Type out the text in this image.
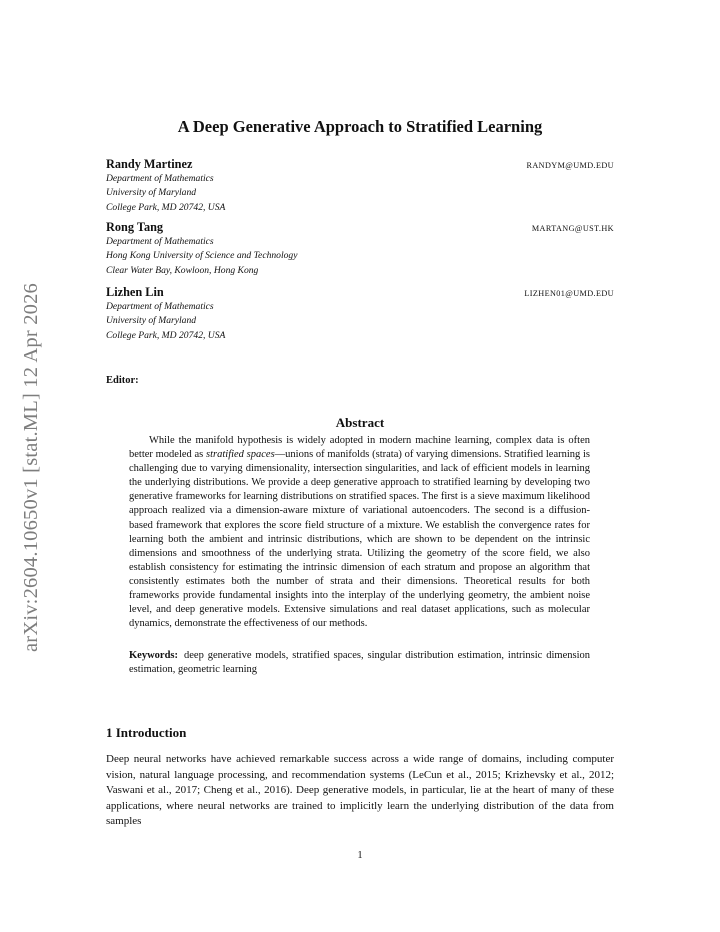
arXiv:2604.10650v1 [stat.ML] 12 Apr 2026
A Deep Generative Approach to Stratified Learning
Randy Martinez	RANDYM@UMD.EDU
Department of Mathematics
University of Maryland
College Park, MD 20742, USA
Rong Tang	MARTANG@UST.HK
Department of Mathematics
Hong Kong University of Science and Technology
Clear Water Bay, Kowloon, Hong Kong
Lizhen Lin	LIZHEN01@UMD.EDU
Department of Mathematics
University of Maryland
College Park, MD 20742, USA
Editor:
Abstract

While the manifold hypothesis is widely adopted in modern machine learning, complex data is often better modeled as stratified spaces—unions of manifolds (strata) of varying dimensions. Stratified learning is challenging due to varying dimensionality, intersection singularities, and lack of efficient models in learning the underlying distributions. We provide a deep generative approach to stratified learning by developing two generative frameworks for learning distributions on stratified spaces. The first is a sieve maximum likelihood approach realized via a dimension-aware mixture of variational autoencoders. The second is a diffusion-based framework that explores the score field structure of a mixture. We establish the convergence rates for learning both the ambient and intrinsic distributions, which are shown to be dependent on the intrinsic dimensions and smoothness of the underlying strata. Utilizing the geometry of the score field, we also establish consistency for estimating the intrinsic dimension of each stratum and propose an algorithm that consistently estimates both the number of strata and their dimensions. Theoretical results for both frameworks provide fundamental insights into the interplay of the underlying geometry, the ambient noise level, and deep generative models. Extensive simulations and real dataset applications, such as molecular dynamics, demonstrate the effectiveness of our methods.

Keywords: deep generative models, stratified spaces, singular distribution estimation, intrinsic dimension estimation, geometric learning

1 Introduction

Deep neural networks have achieved remarkable success across a wide range of domains, including computer vision, natural language processing, and recommendation systems (LeCun et al., 2015; Krizhevsky et al., 2012; Vaswani et al., 2017; Cheng et al., 2016). Deep generative models, in particular, lie at the heart of many of these applications, where neural networks are trained to implicitly learn the underlying distribution of the data from samples

1
